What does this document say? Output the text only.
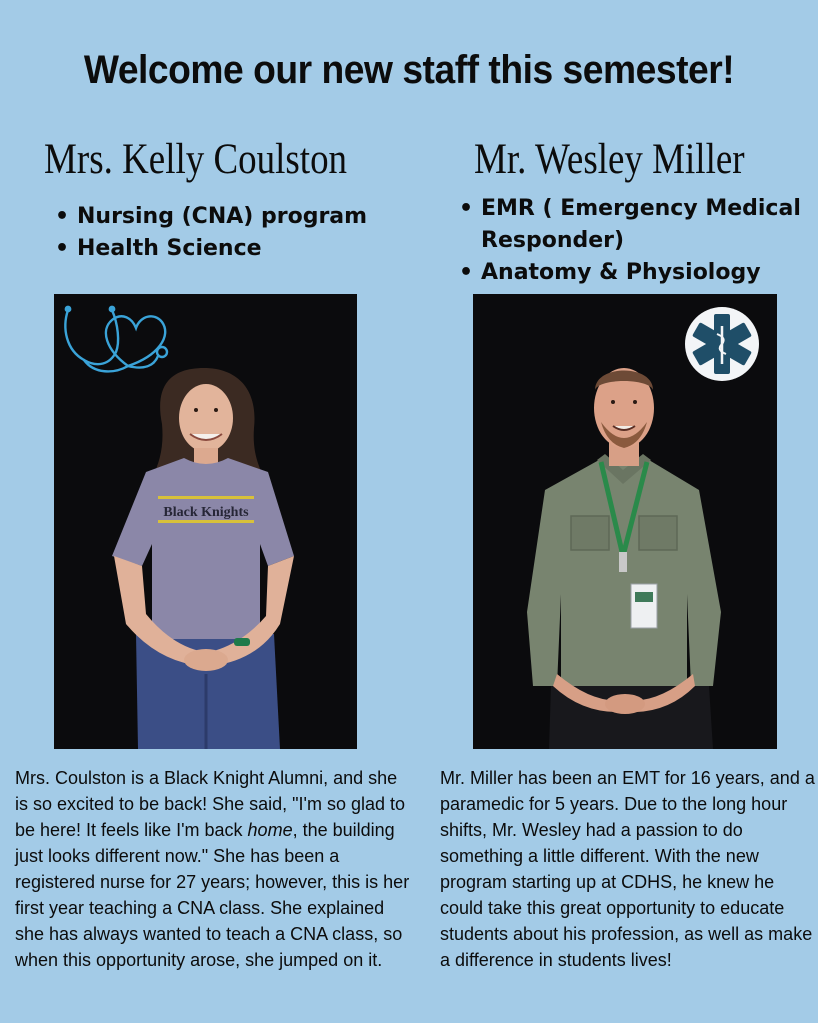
Welcome our new staff this semester!
Mrs. Kelly Coulston
• Nursing (CNA) program
• Health Science
Black Knights
Mrs. Coulston is a Black Knight Alumni, and she is so excited to be back! She said, "I'm so glad to be here! It feels like I'm back home, the building just looks different now." She has been a registered nurse for 27 years; however, this is her first year teaching a CNA class. She explained she has always wanted to teach a CNA class, so when this opportunity arose, she jumped on it.
Mr. Wesley Miller
• EMR ( Emergency Medical Responder)
• Anatomy & Physiology
Mr. Miller has been an EMT for 16 years, and a paramedic for 5 years. Due to the long hour shifts, Mr. Wesley had a passion to do something a little different. With the new program starting up at CDHS, he knew he could take this great opportunity to educate students about his profession, as well as make a difference in students lives!
